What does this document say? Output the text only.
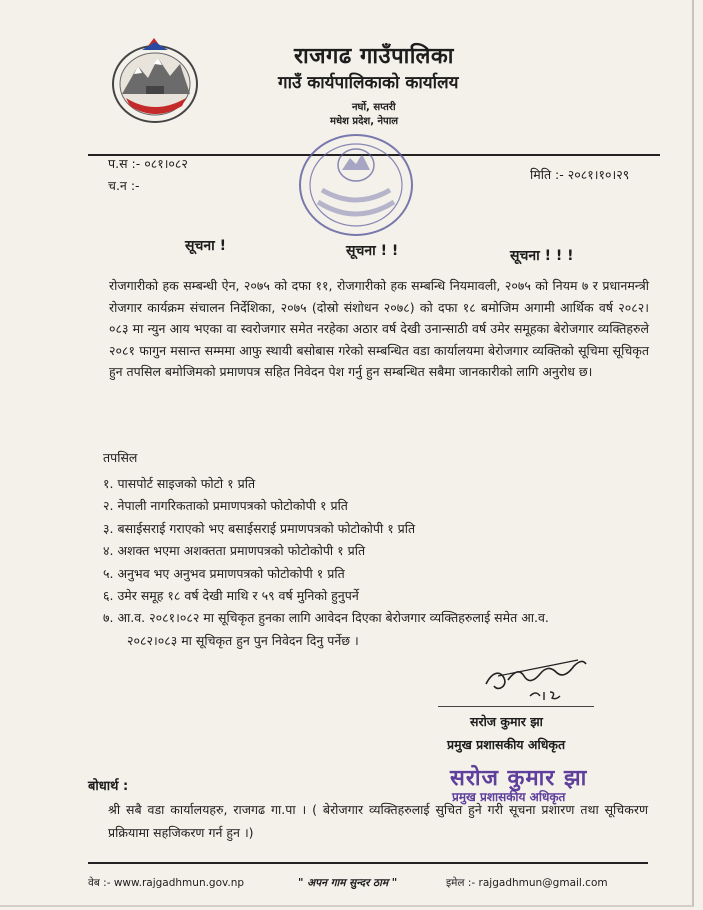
राजगढ गाउँपालिका
गाउँ कार्यपालिकाको कार्यालय
नर्घो, सप्तरी
मधेश प्रदेश, नेपाल
प.स :- ०८१।०८२
च.न :-
मिति :- २०८१।१०।२९
सूचना !	सूचना ! !	सूचना ! ! !
रोजगारीको हक सम्बन्धी ऐन, २०७५ को दफा ११, रोजगारीको हक सम्बन्धि नियमावली, २०७५ को नियम ७ र प्रधानमन्त्री रोजगार कार्यक्रम संचालन निर्देशिका, २०७५ (दोस्रो संशोधन २०७८) को दफा १८ बमोजिम अगामी आर्थिक वर्ष २०८२।०८३ मा न्युन आय भएका वा स्वरोजगार समेत नरहेका अठार वर्ष देखी उनान्साठी वर्ष उमेर समूहका बेरोजगार व्यक्तिहरुले २०८१ फागुन मसान्त सम्ममा आफु स्थायी बसोबास गरेको सम्बन्धित वडा कार्यालयमा बेरोजगार व्यक्तिको सूचिमा सूचिकृत हुन तपसिल बमोजिमको प्रमाणपत्र सहित निवेदन पेश गर्नु हुन सम्बन्धित सबैमा जानकारीको लागि अनुरोध छ।
तपसिल
१. पासपोर्ट साइजको फोटो १ प्रति
२. नेपाली नागरिकताको प्रमाणपत्रको फोटोकोपी १ प्रति
३. बसाईसराई गराएको भए बसाईसराई प्रमाणपत्रको फोटोकोपी १ प्रति
४. अशक्त भएमा अशक्तता प्रमाणपत्रको फोटोकोपी १ प्रति
५. अनुभव भए अनुभव प्रमाणपत्रको फोटोकोपी १ प्रति
६. उमेर समूह १८ वर्ष देखी माथि र ५९ वर्ष मुनिको हुनुपर्ने
७. आ.व. २०८१।०८२ मा सूचिकृत हुनका लागि आवेदन दिएका बेरोजगार व्यक्तिहरुलाई समेत आ.व.
२०८२।०८३ मा सूचिकृत हुन पुन निवेदन दिनु पर्नेछ ।
सरोज कुमार झा
प्रमुख प्रशासकीय अधिकृत
सरोज कुमार झा
प्रमुख प्रशासकीय अधिकृत
बोधार्थ :
श्री सबै वडा कार्यालयहरु, राजगढ गा.पा । ( बेरोजगार व्यक्तिहरुलाई सुचित हुने गरी सूचना प्रशारण तथा सूचिकरण प्रक्रियामा सहजिकरण गर्न हुन ।)
वेब :- www.rajgadhmun.gov.np	" अपन गाम सुन्दर ठाम "	इमेल :- rajgadhmun@gmail.com
